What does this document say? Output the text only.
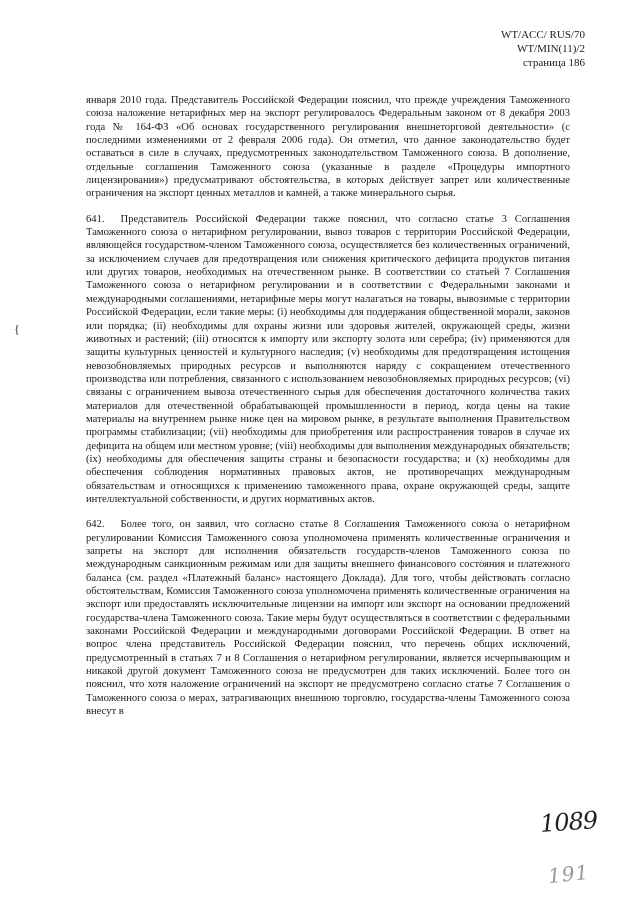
WT/ACC/ RUS/70
WT/MIN(11)/2
страница 186
{

января 2010 года. Представитель Российской Федерации пояснил, что прежде учреждения Таможенного союза наложение нетарифных мер на экспорт регулировалось Федеральным законом от 8 декабря 2003 года № 164-ФЗ «Об основах государственного регулирования внешнеторговой деятельности» (с последними изменениями от 2 февраля 2006 года). Он отметил, что данное законодательство будет оставаться в силе в случаях, предусмотренных законодательством Таможенного союза. В дополнение, отдельные соглашения Таможенного союза (указанные в разделе «Процедуры импортного лицензирования») предусматривают обстоятельства, в которых действует запрет или количественные ограничения на экспорт ценных металлов и камней, а также минерального сырья.

641. Представитель Российской Федерации также пояснил, что согласно статье 3 Соглашения Таможенного союза о нетарифном регулировании, вывоз товаров с территории Российской Федерации, являющейся государством-членом Таможенного союза, осуществляется без количественных ограничений, за исключением случаев для предотвращения или снижения критического дефицита продуктов питания или других товаров, необходимых на отечественном рынке. В соответствии со статьей 7 Соглашения Таможенного союза о нетарифном регулировании и в соответствии с Федеральными законами и международными соглашениями, нетарифные меры могут налагаться на товары, вывозимые с территории Российской Федерации, если такие меры: (i) необходимы для поддержания общественной морали, законов или порядка; (ii) необходимы для охраны жизни или здоровья жителей, окружающей среды, жизни животных и растений; (iii) относятся к импорту или экспорту золота или серебра; (iv) применяются для защиты культурных ценностей и культурного наследия; (v) необходимы для предотвращения истощения невозобновляемых природных ресурсов и выполняются наряду с сокращением отечественного производства или потребления, связанного с использованием невозобновляемых природных ресурсов; (vi) связаны с ограничением вывоза отечественного сырья для обеспечения достаточного количества таких материалов для отечественной обрабатывающей промышленности в период, когда цены на такие материалы на внутреннем рынке ниже цен на мировом рынке, в результате выполнения Правительством программы стабилизации; (vii) необходимы для приобретения или распространения товаров в случае их дефицита на общем или местном уровне; (viii) необходимы для выполнения международных обязательств; (ix) необходимы для обеспечения защиты страны и безопасности государства; и (x) необходимы для обеспечения соблюдения нормативных правовых актов, не противоречащих международным обязательствам и относящихся к применению таможенного права, охране окружающей среды, защите интеллектуальной собственности, и других нормативных актов.

642. Более того, он заявил, что согласно статье 8 Соглашения Таможенного союза о нетарифном регулировании Комиссия Таможенного союза уполномочена применять количественные ограничения и запреты на экспорт для исполнения обязательств государств-членов Таможенного союза по международным санкционным режимам или для защиты внешнего финансового состояния и платежного баланса (см. раздел «Платежный баланс» настоящего Доклада). Для того, чтобы действовать согласно обстоятельствам, Комиссия Таможенного союза уполномочена применять количественные ограничения на экспорт или предоставлять исключительные лицензии на импорт или экспорт на основании предложений государства-члена Таможенного союза. Такие меры будут осуществляться в соответствии с федеральными законами Российской Федерации и международными договорами Российской Федерации. В ответ на вопрос члена представитель Российской Федерации пояснил, что перечень общих исключений, предусмотренный в статьях 7 и 8 Соглашения о нетарифном регулировании, является исчерпывающим и никакой другой документ Таможенного союза не предусмотрен для таких исключений. Более того он пояснил, что хотя наложение ограничений на экспорт не предусмотрено согласно статье 7 Соглашения о Таможенного союза о мерах, затрагивающих внешнюю торговлю, государства-члены Таможенного союза внесут в

1089
191
